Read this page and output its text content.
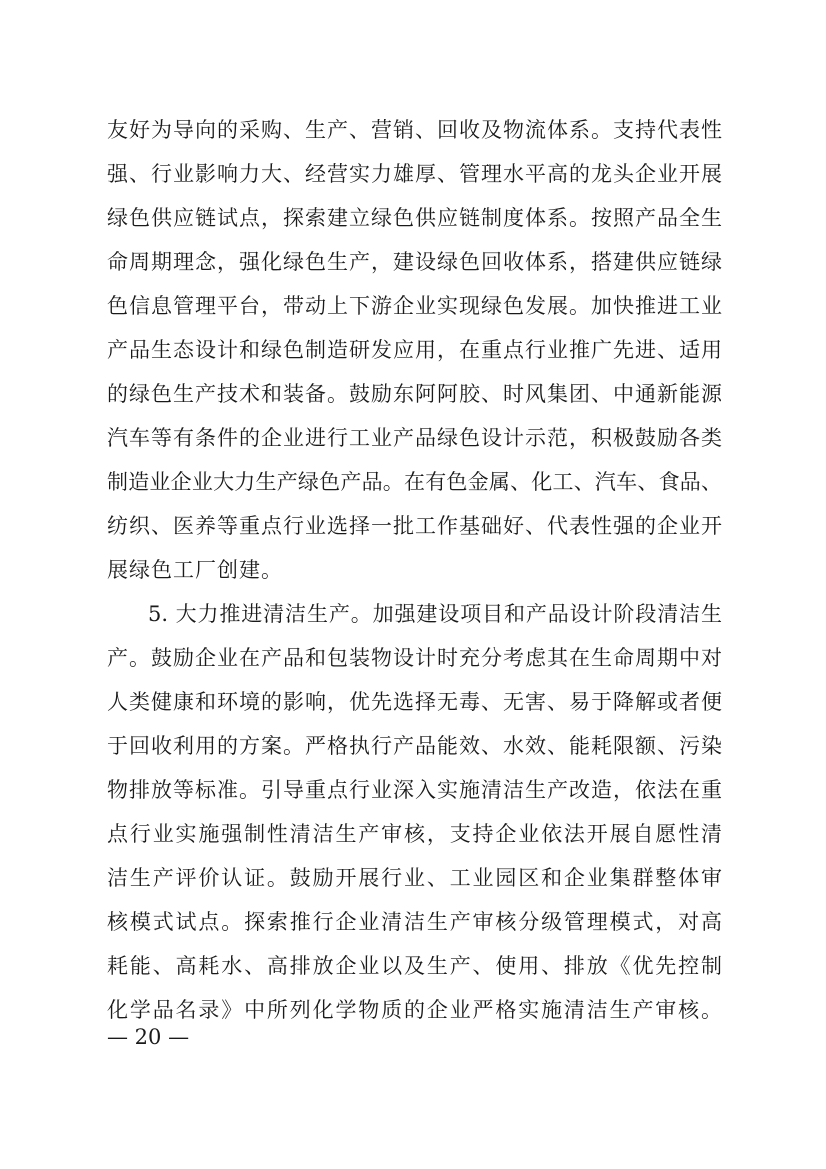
友好为导向的采购、生产、营销、回收及物流体系。支持代表性
强、行业影响力大、经营实力雄厚、管理水平高的龙头企业开展
绿色供应链试点，探索建立绿色供应链制度体系。按照产品全生
命周期理念，强化绿色生产，建设绿色回收体系，搭建供应链绿
色信息管理平台，带动上下游企业实现绿色发展。加快推进工业
产品生态设计和绿色制造研发应用，在重点行业推广先进、适用
的绿色生产技术和装备。鼓励东阿阿胶、时风集团、中通新能源
汽车等有条件的企业进行工业产品绿色设计示范，积极鼓励各类
制造业企业大力生产绿色产品。在有色金属、化工、汽车、食品、
纺织、医养等重点行业选择一批工作基础好、代表性强的企业开
展绿色工厂创建。
5. 大力推进清洁生产。加强建设项目和产品设计阶段清洁生
产。鼓励企业在产品和包装物设计时充分考虑其在生命周期中对
人类健康和环境的影响，优先选择无毒、无害、易于降解或者便
于回收利用的方案。严格执行产品能效、水效、能耗限额、污染
物排放等标准。引导重点行业深入实施清洁生产改造，依法在重
点行业实施强制性清洁生产审核，支持企业依法开展自愿性清
洁生产评价认证。鼓励开展行业、工业园区和企业集群整体审
核模式试点。探索推行企业清洁生产审核分级管理模式，对高
耗能、高耗水、高排放企业以及生产、使用、排放《优先控制
化学品名录》中所列化学物质的企业严格实施清洁生产审核。
— 20 —
